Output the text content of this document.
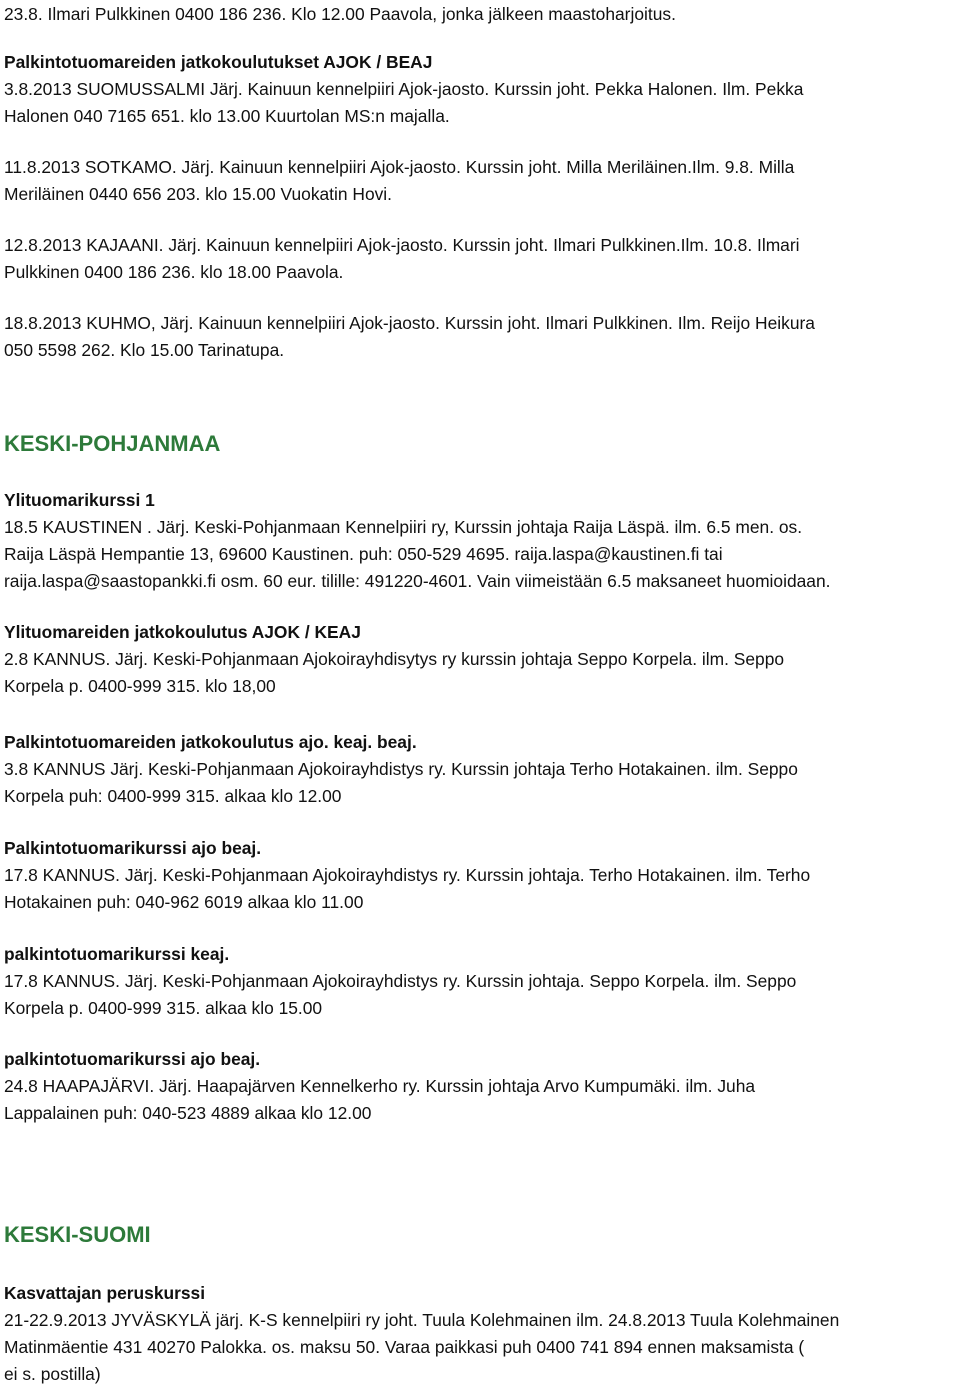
23.8. Ilmari Pulkkinen 0400 186 236. Klo 12.00 Paavola, jonka jälkeen maastoharjoitus.

Palkintotuomareiden jatkokoulutukset AJOK / BEAJ

3.8.2013 SUOMUSSALMI Järj. Kainuun kennelpiiri Ajok-jaosto. Kurssin joht. Pekka Halonen. Ilm. Pekka

Halonen 040 7165 651. klo 13.00 Kuurtolan MS:n majalla.

11.8.2013 SOTKAMO. Järj. Kainuun kennelpiiri Ajok-jaosto. Kurssin joht. Milla Meriläinen.Ilm. 9.8. Milla

Meriläinen 0440 656 203. klo 15.00 Vuokatin Hovi.

12.8.2013 KAJAANI. Järj. Kainuun kennelpiiri Ajok-jaosto. Kurssin joht. Ilmari Pulkkinen.Ilm. 10.8. Ilmari

Pulkkinen 0400 186 236. klo 18.00 Paavola.

18.8.2013 KUHMO, Järj. Kainuun kennelpiiri Ajok-jaosto. Kurssin joht. Ilmari Pulkkinen. Ilm. Reijo Heikura

050 5598 262. Klo 15.00 Tarinatupa.

KESKI-POHJANMAA

Ylituomarikurssi 1

18.5 KAUSTINEN . Järj. Keski-Pohjanmaan Kennelpiiri ry, Kurssin johtaja Raija Läspä. ilm. 6.5 men. os.

Raija Läspä Hempantie 13, 69600 Kaustinen. puh: 050-529 4695. raija.laspa@kaustinen.fi tai

raija.laspa@saastopankki.fi osm. 60 eur. tilille: 491220-4601. Vain viimeistään 6.5 maksaneet huomioidaan.

Ylituomareiden jatkokoulutus AJOK / KEAJ

2.8 KANNUS. Järj. Keski-Pohjanmaan Ajokoirayhdisytys ry kurssin johtaja Seppo Korpela. ilm. Seppo

Korpela p. 0400-999 315. klo 18,00

Palkintotuomareiden jatkokoulutus ajo. keaj. beaj.

3.8 KANNUS Järj. Keski-Pohjanmaan Ajokoirayhdistys ry. Kurssin johtaja Terho Hotakainen. ilm. Seppo

Korpela puh: 0400-999 315. alkaa klo 12.00

Palkintotuomarikurssi ajo beaj.

17.8 KANNUS. Järj. Keski-Pohjanmaan Ajokoirayhdistys ry. Kurssin johtaja. Terho Hotakainen. ilm. Terho

Hotakainen puh: 040-962 6019 alkaa klo 11.00

palkintotuomarikurssi keaj.

17.8 KANNUS. Järj. Keski-Pohjanmaan Ajokoirayhdistys ry. Kurssin johtaja. Seppo Korpela. ilm. Seppo

Korpela p. 0400-999 315. alkaa klo 15.00

palkintotuomarikurssi ajo beaj.

24.8 HAAPAJÄRVI. Järj. Haapajärven Kennelkerho ry. Kurssin johtaja Arvo Kumpumäki. ilm. Juha

Lappalainen puh: 040-523 4889 alkaa klo 12.00

KESKI-SUOMI

Kasvattajan peruskurssi

21-22.9.2013 JYVÄSKYLÄ järj. K-S kennelpiiri ry joht. Tuula Kolehmainen ilm. 24.8.2013 Tuula Kolehmainen

Matinmäentie 431 40270 Palokka. os. maksu 50. Varaa paikkasi puh 0400 741 894 ennen maksamista (

ei s. postilla)
